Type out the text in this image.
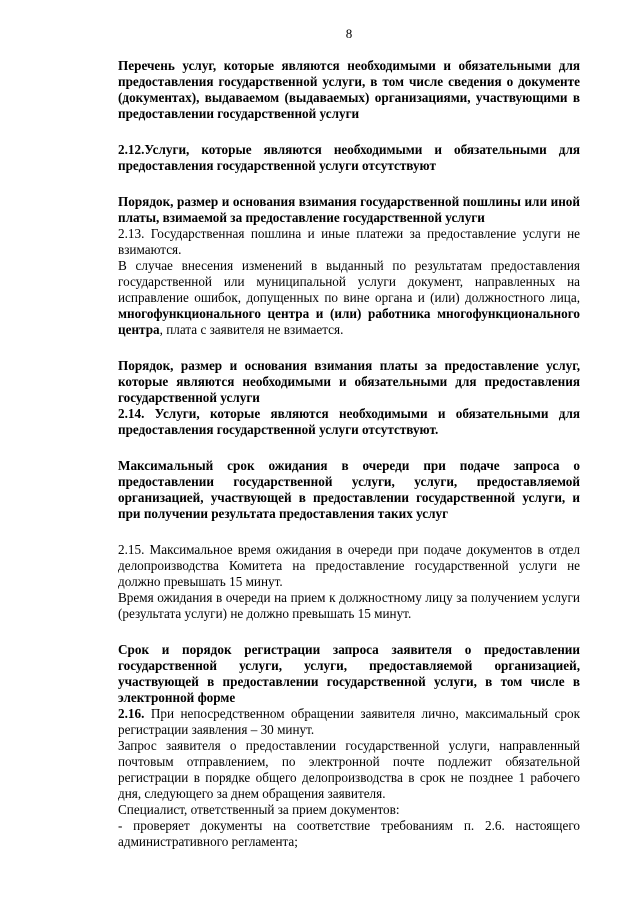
8

Перечень услуг, которые являются необходимыми и обязательными для предоставления государственной услуги, в том числе сведения о документе (документах), выдаваемом (выдаваемых) организациями, участвующими в предоставлении государственной услуги

2.12.Услуги, которые являются необходимыми и обязательными для предоставления государственной услуги отсутствуют

Порядок, размер и основания взимания государственной пошлины или иной платы, взимаемой за предоставление государственной услуги

2.13. Государственная пошлина и иные платежи за предоставление услуги не взимаются.

В случае внесения изменений в выданный по результатам предоставления государственной или муниципальной услуги документ, направленных на исправление ошибок, допущенных по вине органа и (или) должностного лица, многофункционального центра и (или) работника многофункционального центра, плата с заявителя не взимается.

Порядок, размер и основания взимания платы за предоставление услуг, которые являются необходимыми и обязательными для предоставления государственной услуги

2.14. Услуги, которые являются необходимыми и обязательными для предоставления государственной услуги отсутствуют.

Максимальный срок ожидания в очереди при подаче запроса о предоставлении государственной услуги, услуги, предоставляемой организацией, участвующей в предоставлении государственной услуги, и при получении результата предоставления таких услуг

2.15. Максимальное время ожидания в очереди при подаче документов в отдел делопроизводства Комитета на предоставление государственной услуги не должно превышать 15 минут.

Время ожидания в очереди на прием к должностному лицу за получением услуги (результата услуги) не должно превышать 15 минут.

Срок и порядок регистрации запроса заявителя о предоставлении государственной услуги, услуги, предоставляемой организацией, участвующей в предоставлении государственной услуги, в том числе в электронной форме

2.16. При непосредственном обращении заявителя лично, максимальный срок регистрации заявления – 30 минут.

Запрос заявителя о предоставлении государственной услуги, направленный почтовым отправлением, по электронной почте подлежит обязательной регистрации в порядке общего делопроизводства в срок не позднее 1 рабочего дня, следующего за днем обращения заявителя.

Специалист, ответственный за прием документов:

- проверяет документы на соответствие требованиям п. 2.6. настоящего административного регламента;
